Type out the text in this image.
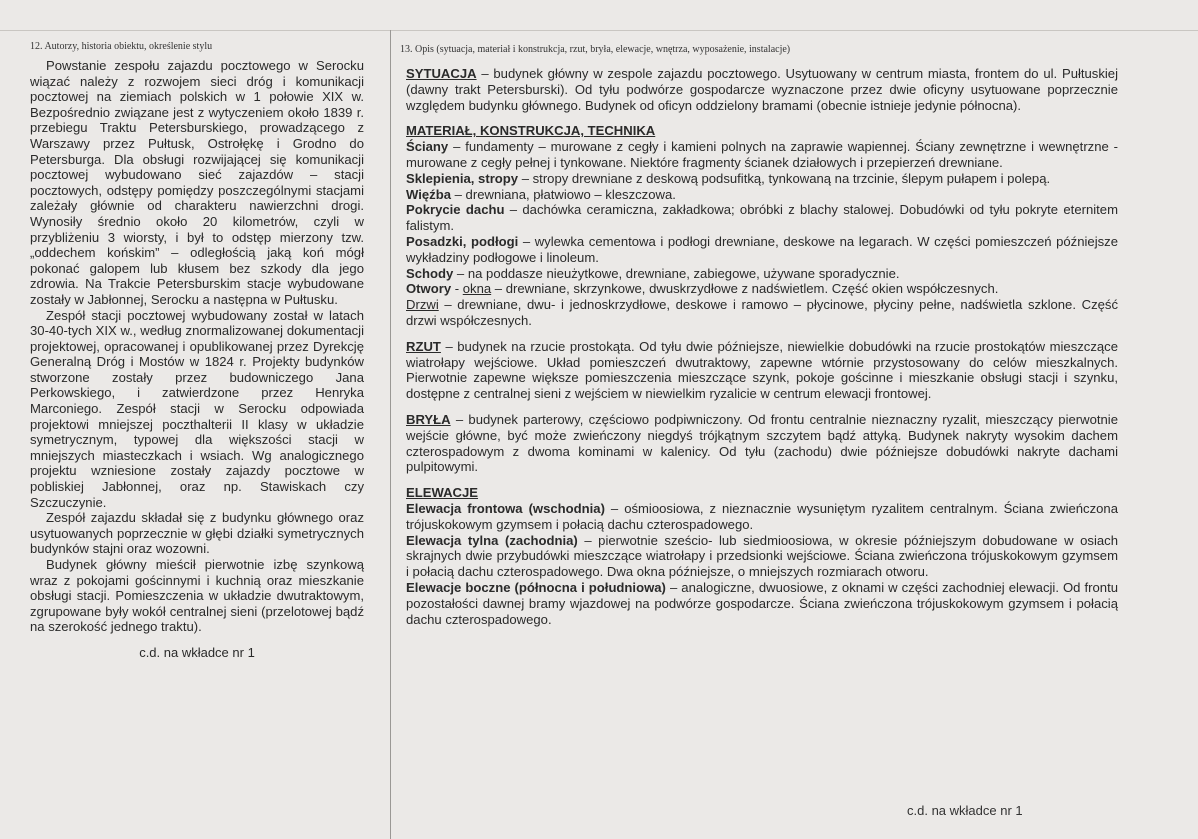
12. Autorzy, historia obiektu, określenie stylu	13. Opis (sytuacja, materiał i konstrukcja, rzut, bryła, elewacje, wnętrza, wyposażenie, instalacje)

Powstanie zespołu zajazdu pocztowego w Serocku wiązać należy z rozwojem sieci dróg i komunikacji pocztowej na ziemiach polskich w 1 połowie XIX w. Bezpośrednio związane jest z wytyczeniem około 1839 r. przebiegu Traktu Petersburskiego, prowadzącego z Warszawy przez Pułtusk, Ostrołękę i Grodno do Petersburga. Dla obsługi rozwijającej się komunikacji pocztowej wybudowano sieć zajazdów – stacji pocztowych, odstępy pomiędzy poszczególnymi stacjami zależały głównie od charakteru nawierzchni drogi. Wynosiły średnio około 20 kilometrów, czyli w przybliżeniu 3 wiorsty, i był to odstęp mierzony tzw. „oddechem końskim” – odległością jaką koń mógł pokonać galopem lub kłusem bez szkody dla jego zdrowia. Na Trakcie Petersburskim stacje wybudowane zostały w Jabłonnej, Serocku a następna w Pułtusku.

Zespół stacji pocztowej wybudowany został w latach 30-40-tych XIX w., według znormalizowanej dokumentacji projektowej, opracowanej i opublikowanej przez Dyrekcję Generalną Dróg i Mostów w 1824 r. Projekty budynków stworzone zostały przez budowniczego Jana Perkowskiego, i zatwierdzone przez Henryka Marconiego. Zespół stacji w Serocku odpowiada projektowi mniejszej poczthalterii II klasy w układzie symetrycznym, typowej dla większości stacji w mniejszych miasteczkach i wsiach. Wg analogicznego projektu wzniesione zostały zajazdy pocztowe w pobliskiej Jabłonnej, oraz np. Stawiskach czy Szczuczynie.

Zespół zajazdu składał się z budynku głównego oraz usytuowanych poprzecznie w głębi działki symetrycznych budynków stajni oraz wozowni.

Budynek główny mieścił pierwotnie izbę szynkową wraz z pokojami gościnnymi i kuchnią oraz mieszkanie obsługi stacji. Pomieszczenia w układzie dwutraktowym, zgrupowane były wokół centralnej sieni (przelotowej bądź na szerokość jednego traktu).

c.d. na wkładce nr 1

SYTUACJA – budynek główny w zespole zajazdu pocztowego. Usytuowany w centrum miasta, frontem do ul. Pułtuskiej (dawny trakt Petersburski). Od tyłu podwórze gospodarcze wyznaczone przez dwie oficyny usytuowane poprzecznie względem budynku głównego. Budynek od oficyn oddzielony bramami (obecnie istnieje jedynie północna).

MATERIAŁ, KONSTRUKCJA, TECHNIKA

Ściany – fundamenty – murowane z cegły i kamieni polnych na zaprawie wapiennej. Ściany zewnętrzne i wewnętrzne - murowane z cegły pełnej i tynkowane. Niektóre fragmenty ścianek działowych i przepierzeń drewniane.

Sklepienia, stropy – stropy drewniane z deskową podsufitką, tynkowaną na trzcinie, ślepym pułapem i polepą.

Więźba – drewniana, płatwiowo – kleszczowa.

Pokrycie dachu – dachówka ceramiczna, zakładkowa; obróbki z blachy stalowej. Dobudówki od tyłu pokryte eternitem falistym.

Posadzki, podłogi – wylewka cementowa i podłogi drewniane, deskowe na legarach. W części pomieszczeń późniejsze wykładziny podłogowe i linoleum.

Schody – na poddasze nieużytkowe, drewniane, zabiegowe, używane sporadycznie.

Otwory - okna – drewniane, skrzynkowe, dwuskrzydłowe z nadświetlem. Część okien współczesnych.

Drzwi – drewniane, dwu- i jednoskrzydłowe, deskowe i ramowo – płycinowe, płyciny pełne, nadświetla szklone. Część drzwi współczesnych.

RZUT – budynek na rzucie prostokąta. Od tyłu dwie późniejsze, niewielkie dobudówki na rzucie prostokątów mieszczące wiatrołapy wejściowe. Układ pomieszczeń dwutraktowy, zapewne wtórnie przystosowany do celów mieszkalnych. Pierwotnie zapewne większe pomieszczenia mieszczące szynk, pokoje gościnne i mieszkanie obsługi stacji i szynku, dostępne z centralnej sieni z wejściem w niewielkim ryzalicie w centrum elewacji frontowej.

BRYŁA – budynek parterowy, częściowo podpiwniczony. Od frontu centralnie nieznaczny ryzalit, mieszczący pierwotnie wejście główne, być może zwieńczony niegdyś trójkątnym szczytem bądź attyką. Budynek nakryty wysokim dachem czterospadowym z dwoma kominami w kalenicy. Od tyłu (zachodu) dwie późniejsze dobudówki nakryte dachami pulpitowymi.

ELEWACJE

Elewacja frontowa (wschodnia) – ośmioosiowa, z nieznacznie wysuniętym ryzalitem centralnym. Ściana zwieńczona trójuskokowym gzymsem i połacią dachu czterospadowego.

Elewacja tylna (zachodnia) – pierwotnie sześcio- lub siedmioosiowa, w okresie późniejszym dobudowane w osiach skrajnych dwie przybudówki mieszczące wiatrołapy i przedsionki wejściowe. Ściana zwieńczona trójuskokowym gzymsem i połacią dachu czterospadowego. Dwa okna późniejsze, o mniejszych rozmiarach otworu.

Elewacje boczne (północna i południowa) – analogiczne, dwuosiowe, z oknami w części zachodniej elewacji. Od frontu pozostałości dawnej bramy wjazdowej na podwórze gospodarcze. Ściana zwieńczona trójuskokowym gzymsem i połacią dachu czterospadowego.

c.d. na wkładce nr 1
